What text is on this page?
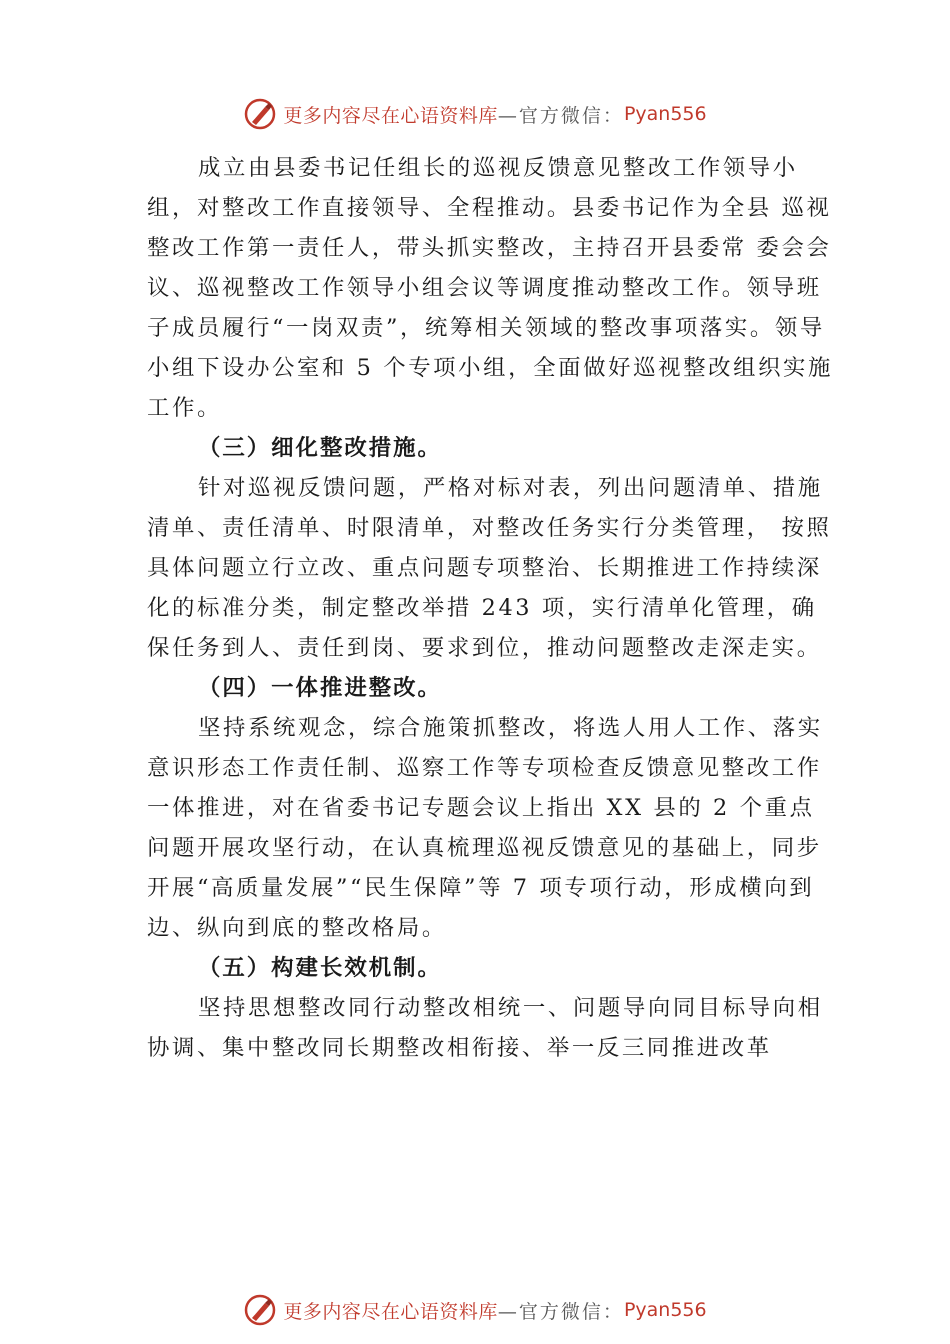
更多内容尽在心语资料库 —官方微信： Pyan556

成立由县委书记任组长的巡视反馈意见整改工作领导小组，对整改工作直接领导、全程推动。县委书记作为全县 巡视整改工作第一责任人，带头抓实整改，主持召开县委常 委会会议、巡视整改工作领导小组会议等调度推动整改工作。领导班子成员履行“一岗双责”，统筹相关领域的整改事项落实。领导小组下设办公室和 5 个专项小组，全面做好巡视整改组织实施工作。

（三）细化整改措施。

针对巡视反馈问题，严格对标对表，列出问题清单、措施清单、责任清单、时限清单，对整改任务实行分类管理， 按照具体问题立行立改、重点问题专项整治、长期推进工作持续深化的标准分类，制定整改举措 243 项，实行清单化管理，确保任务到人、责任到岗、要求到位，推动问题整改走深走实。

（四）一体推进整改。

坚持系统观念，综合施策抓整改，将选人用人工作、落实意识形态工作责任制、巡察工作等专项检查反馈意见整改工作一体推进，对在省委书记专题会议上指出 XX 县的 2 个重点问题开展攻坚行动，在认真梳理巡视反馈意见的基础上，同步开展“高质量发展”“民生保障”等 7 项专项行动，形成横向到边、纵向到底的整改格局。

（五）构建长效机制。

坚持思想整改同行动整改相统一、问题导向同目标导向相协调、集中整改同长期整改相衔接、举一反三同推进改革

更多内容尽在心语资料库 —官方微信： Pyan556
